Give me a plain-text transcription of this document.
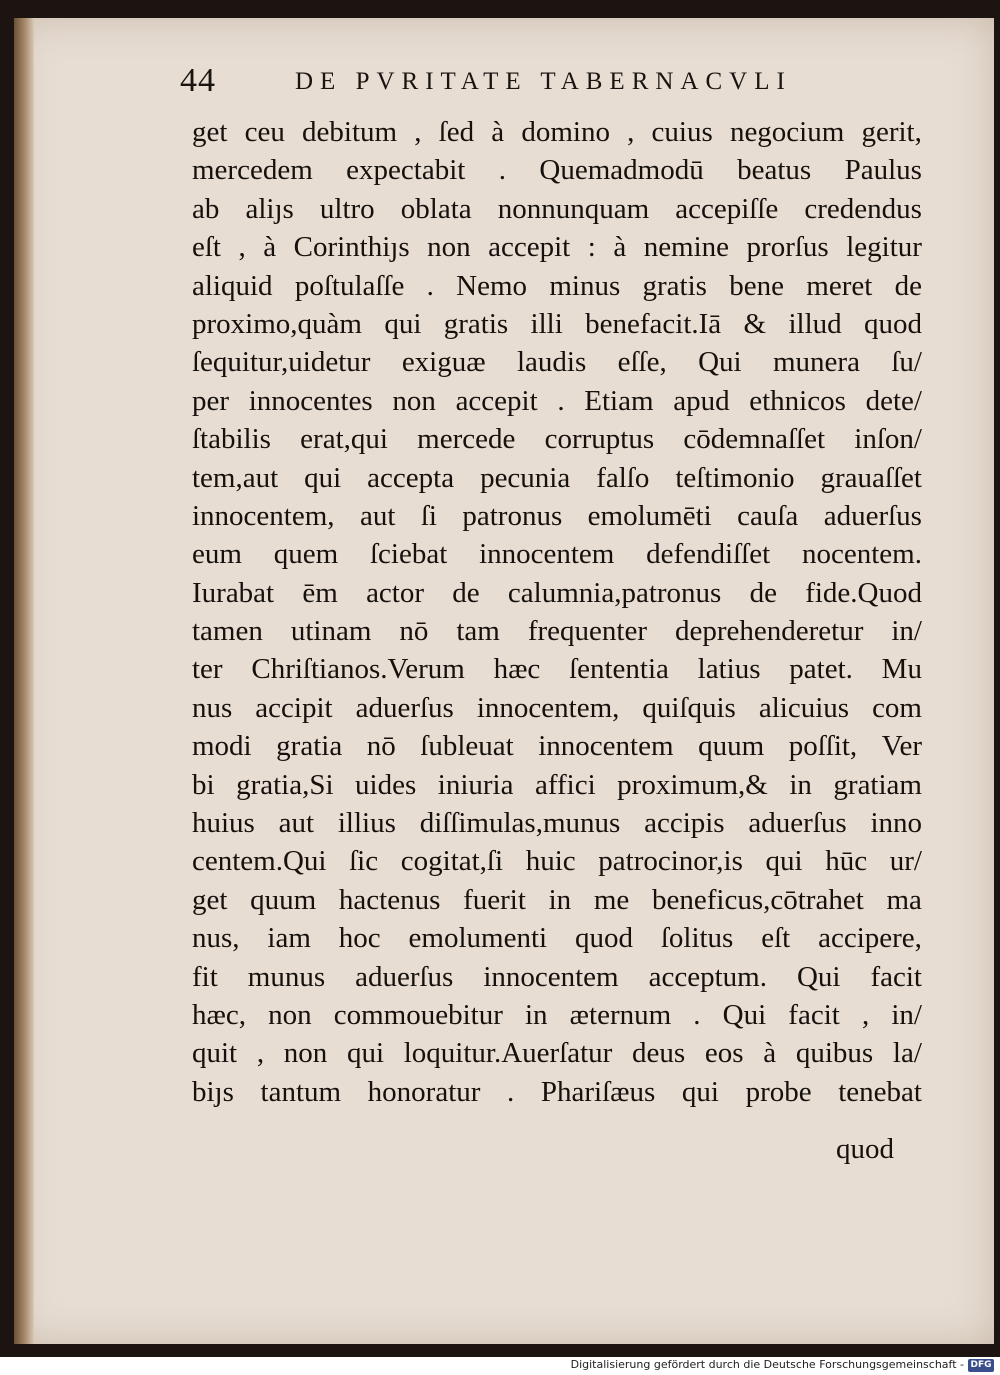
44	DE PVRITATE TABERNACVLI
get ceu debitum , ſed à domino , cuius negocium gerit,
mercedem expectabit . Quemadmodū beatus Paulus
ab aliȷs ultro oblata nonnunquam accepiſſe credendus
eſt , à Corinthiȷs non accepit : à nemine prorſus legitur
aliquid poſtulaſſe . Nemo minus gratis bene meret de
proximo,quàm qui gratis illi benefacit.Iā & illud quod
ſequitur,uidetur exiguæ laudis eſſe, Qui munera ſu/
per innocentes non accepit . Etiam apud ethnicos dete/
ſtabilis erat,qui mercede corruptus cōdemnaſſet inſon/
tem,aut qui accepta pecunia falſo teſtimonio grauaſſet
innocentem, aut ſi patronus emolumēti cauſa aduerſus
eum quem ſciebat innocentem defendiſſet nocentem.
Iurabat ēm actor de calumnia,patronus de fide.Quod
tamen utinam nō tam frequenter deprehenderetur in/
ter Chriſtianos.Verum hæc ſententia latius patet. Mu
nus accipit aduerſus innocentem, quiſquis alicuius com
modi gratia nō ſubleuat innocentem quum poſſit, Ver
bi gratia,Si uides iniuria affici proximum,& in gratiam
huius aut illius diſſimulas,munus accipis aduerſus inno
centem.Qui ſic cogitat,ſi huic patrocinor,is qui hūc ur/
get quum hactenus fuerit in me beneficus,cōtrahet ma
nus, iam hoc emolumenti quod ſolitus eſt accipere,
fit munus aduerſus innocentem acceptum. Qui facit
hæc, non commouebitur in æternum . Qui facit , in/
quit , non qui loquitur.Auerſatur deus eos à quibus la/
biȷs tantum honoratur . Phariſæus qui probe tenebat
quod
Digitalisierung gefördert durch die Deutsche Forschungsgemeinschaft - DFG
